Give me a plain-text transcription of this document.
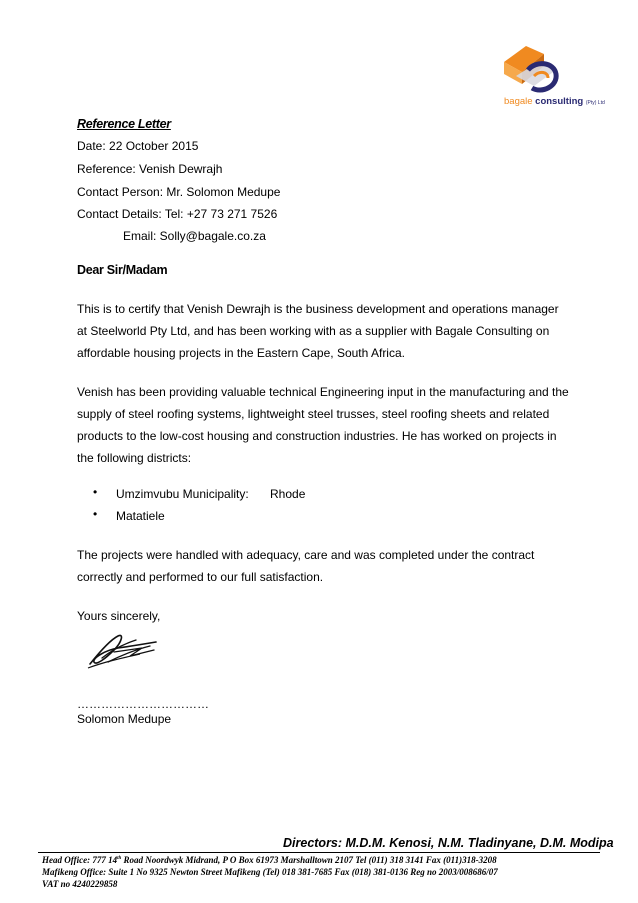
bagale consulting (Pty) Ltd
Reference Letter
Date: 22 October 2015
Reference: Venish Dewrajh
Contact Person: Mr. Solomon Medupe
Contact Details: Tel: +27 73 271 7526
Email: Solly@bagale.co.za
Dear Sir/Madam
This is to certify that Venish Dewrajh is the business development and operations manager
at Steelworld Pty Ltd, and has been working with as a supplier with Bagale Consulting on
affordable housing projects in the Eastern Cape, South Africa.
Venish has been providing valuable technical Engineering input in the manufacturing and the
supply of steel roofing systems, lightweight steel trusses, steel roofing sheets and related
products to the low-cost housing and construction industries. He has worked on projects in
the following districts:
• Umzimvubu Municipality: Rhode
• Matatiele
The projects were handled with adequacy, care and was completed under the contract
correctly and performed to our full satisfaction.
Yours sincerely,
……………………………
Solomon Medupe
Directors: M.D.M. Kenosi, N.M. Tladinyane, D.M. Modipa
Head Office: 777 14th Road Noordwyk Midrand, P O Box 61973 Marshalltown 2107 Tel (011) 318 3141 Fax (011)318-3208
Mafikeng Office: Suite 1 No 9325 Newton Street Mafikeng (Tel) 018 381-7685 Fax (018) 381-0136 Reg no 2003/008686/07
VAT no 4240229858
